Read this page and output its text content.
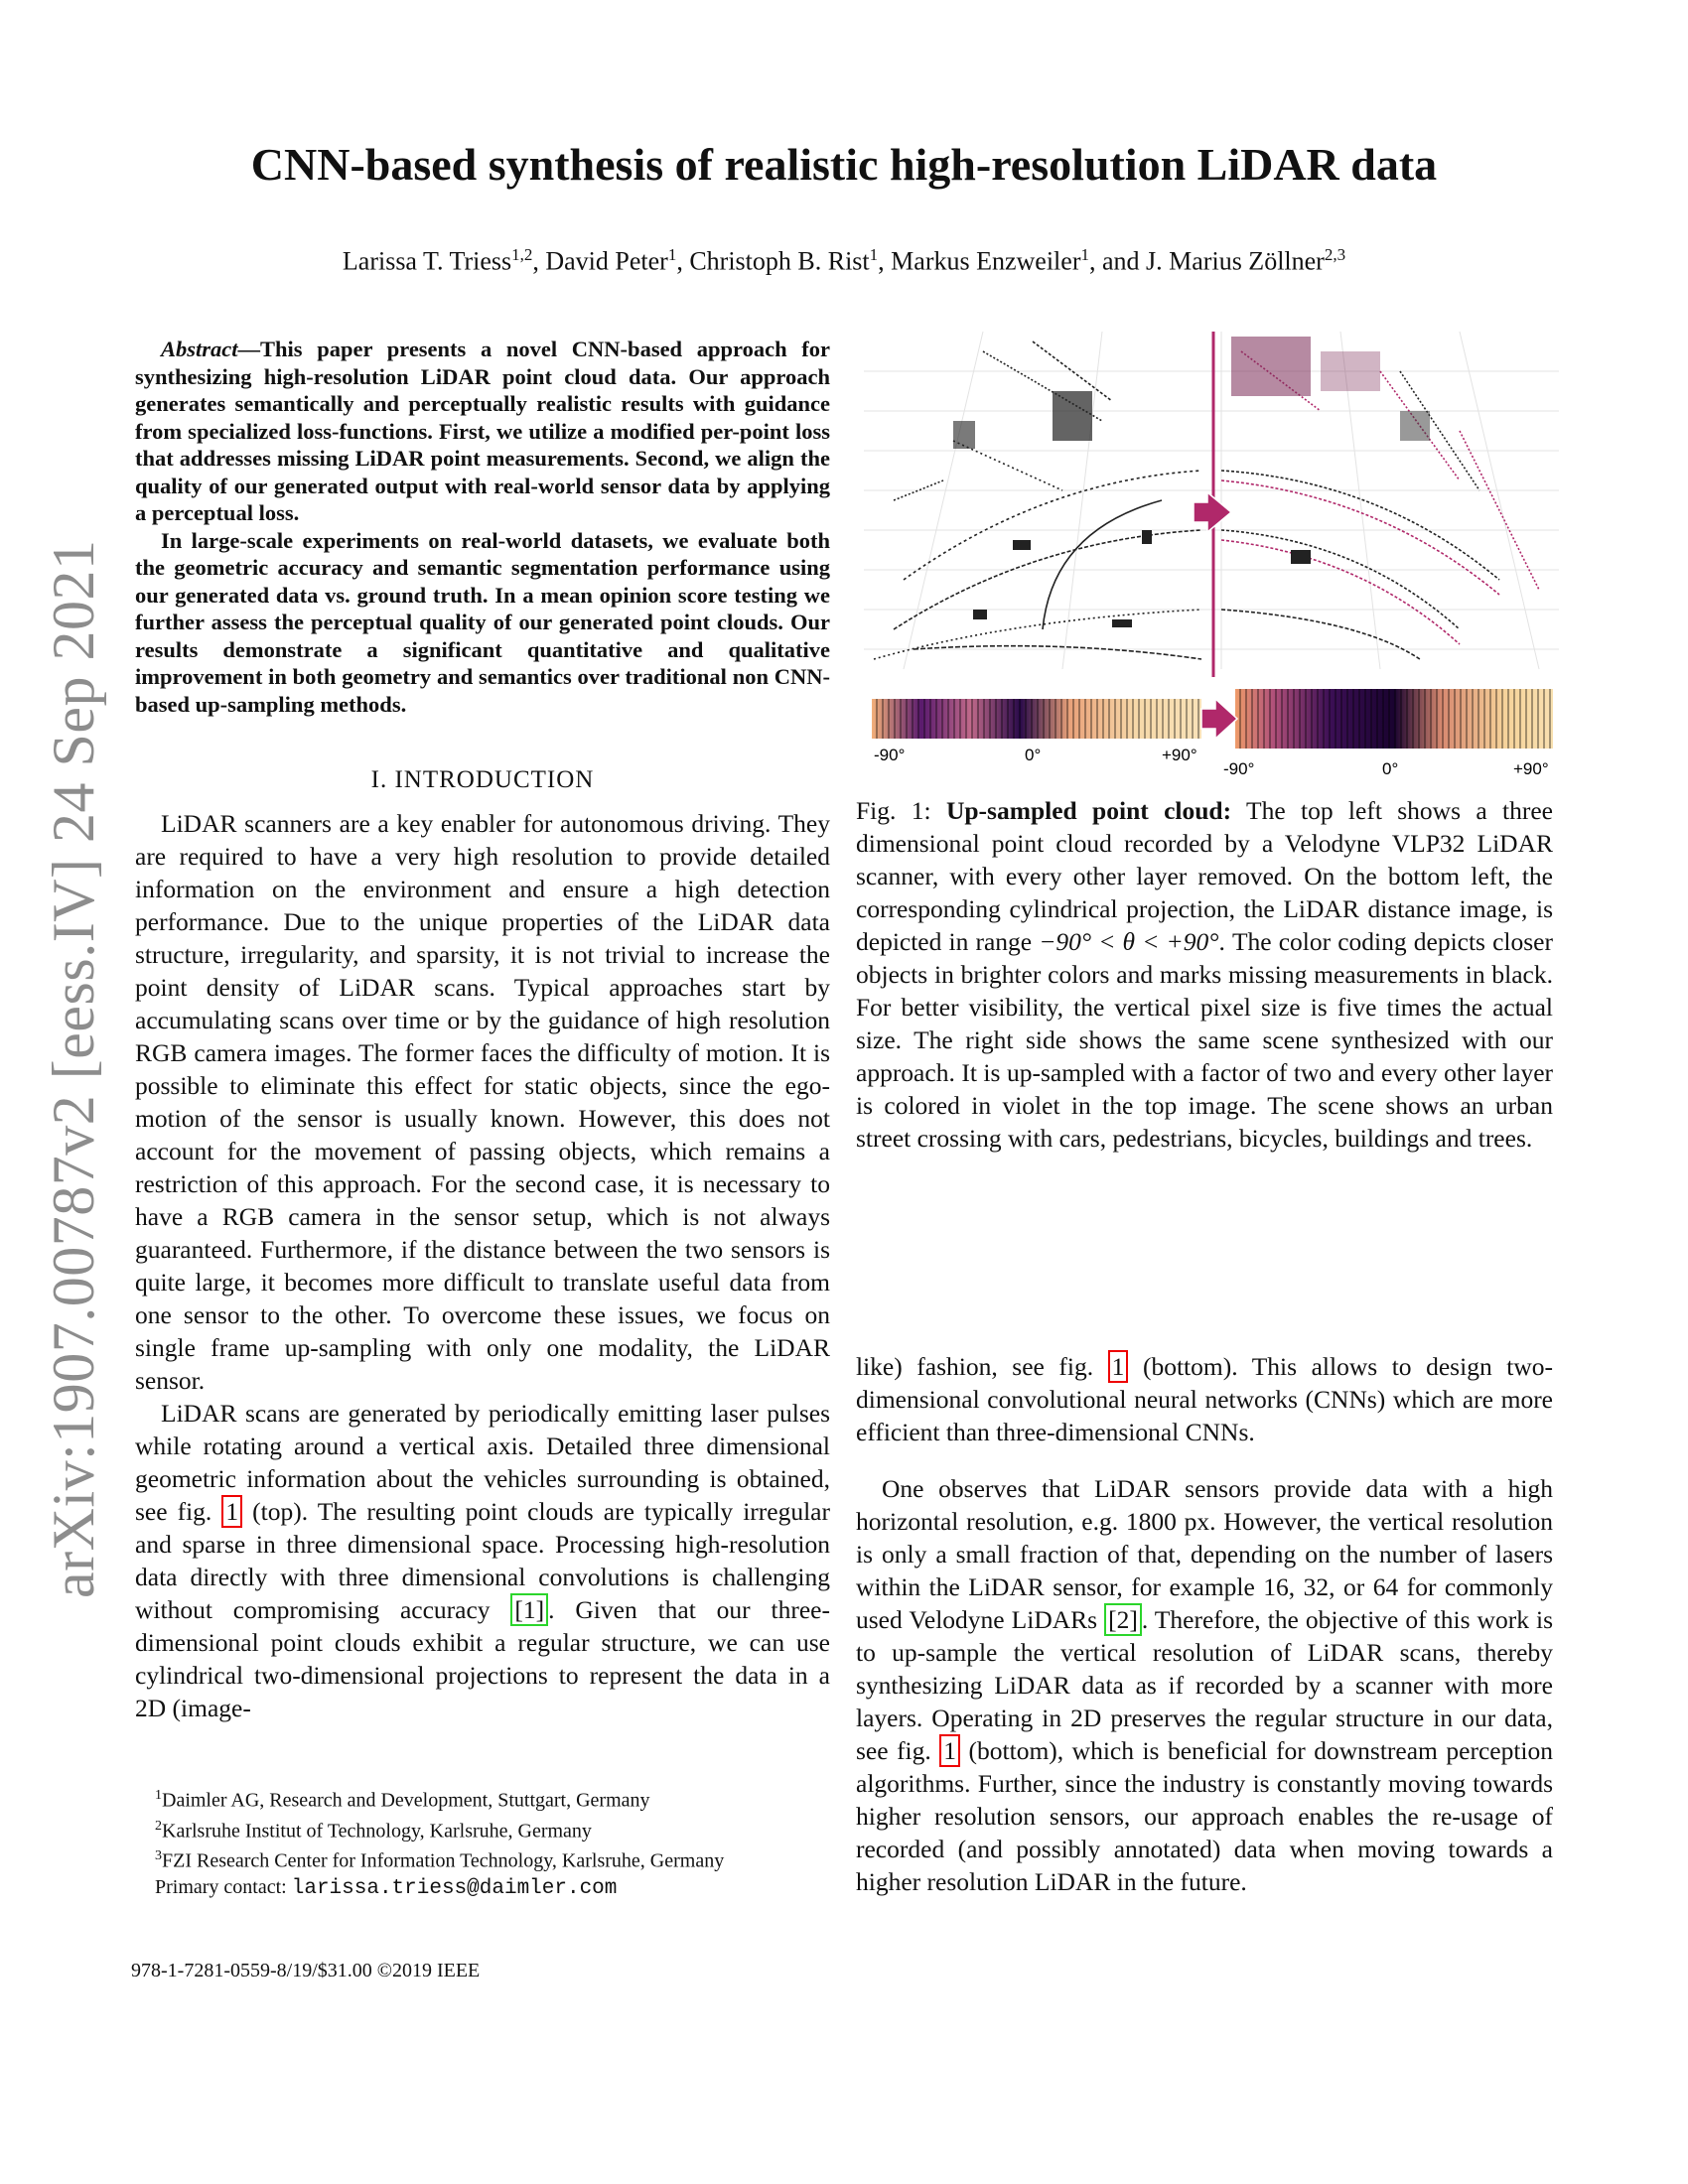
arXiv:1907.00787v2 [eess.IV] 24 Sep 2021
CNN-based synthesis of realistic high-resolution LiDAR data
Larissa T. Triess$^{1,2}$, David Peter$^1$, Christoph B. Rist$^1$, Markus Enzweiler$^1$, and J. Marius Zöllner$^{2,3}$

Abstract—This paper presents a novel CNN-based approach for synthesizing high-resolution LiDAR point cloud data. Our approach generates semantically and perceptually realistic results with guidance from specialized loss-functions. First, we utilize a modified per-point loss that addresses missing LiDAR point measurements. Second, we align the quality of our generated output with real-world sensor data by applying a perceptual loss.

In large-scale experiments on real-world datasets, we evaluate both the geometric accuracy and semantic segmentation performance using our generated data vs. ground truth. In a mean opinion score testing we further assess the perceptual quality of our generated point clouds. Our results demonstrate a significant quantitative and qualitative improvement in both geometry and semantics over traditional non CNN-based up-sampling methods.

I. INTRODUCTION

LiDAR scanners are a key enabler for autonomous driving. They are required to have a very high resolution to provide detailed information on the environment and ensure a high detection performance. Due to the unique properties of the LiDAR data structure, irregularity, and sparsity, it is not trivial to increase the point density of LiDAR scans. Typical approaches start by accumulating scans over time or by the guidance of high resolution RGB camera images. The former faces the difficulty of motion. It is possible to eliminate this effect for static objects, since the ego-motion of the sensor is usually known. However, this does not account for the movement of passing objects, which remains a restriction of this approach. For the second case, it is necessary to have a RGB camera in the sensor setup, which is not always guaranteed. Furthermore, if the distance between the two sensors is quite large, it becomes more difficult to translate useful data from one sensor to the other. To overcome these issues, we focus on single frame up-sampling with only one modality, the LiDAR sensor.

LiDAR scans are generated by periodically emitting laser pulses while rotating around a vertical axis. Detailed three dimensional geometric information about the vehicles surrounding is obtained, see fig. 1 (top). The resulting point clouds are typically irregular and sparse in three dimensional space. Processing high-resolution data directly with three dimensional convolutions is challenging without compromising accuracy [1] . Given that our three-dimensional point clouds exhibit a regular structure, we can use cylindrical two-dimensional projections to represent the data in a 2D (image-

$^1$Daimler AG, Research and Development, Stuttgart, Germany
$^2$Karlsruhe Institut of Technology, Karlsruhe, Germany
$^3$FZI Research Center for Information Technology, Karlsruhe, Germany
Primary contact: larissa.triess@daimler.com
978-1-7281-0559-8/19/$31.00 ©2019 IEEE
-90°	0°	+90°
-90°	0°	+90°
Fig. 1: Up-sampled point cloud: The top left shows a three dimensional point cloud recorded by a Velodyne VLP32 LiDAR scanner, with every other layer removed. On the bottom left, the corresponding cylindrical projection, the LiDAR distance image, is depicted in range −90° < θ < +90°. The color coding depicts closer objects in brighter colors and marks missing measurements in black. For better visibility, the vertical pixel size is five times the actual size. The right side shows the same scene synthesized with our approach. It is up-sampled with a factor of two and every other layer is colored in violet in the top image. The scene shows an urban street crossing with cars, pedestrians, bicycles, buildings and trees.

like) fashion, see fig. 1 (bottom). This allows to design two-dimensional convolutional neural networks (CNNs) which are more efficient than three-dimensional CNNs.

One observes that LiDAR sensors provide data with a high horizontal resolution, e.g. 1800 px. However, the vertical resolution is only a small fraction of that, depending on the number of lasers within the LiDAR sensor, for example 16, 32, or 64 for commonly used Velodyne LiDARs [2] . Therefore, the objective of this work is to up-sample the vertical resolution of LiDAR scans, thereby synthesizing LiDAR data as if recorded by a scanner with more layers. Operating in 2D preserves the regular structure in our data, see fig. 1 (bottom), which is beneficial for downstream perception algorithms. Further, since the industry is constantly moving towards higher resolution sensors, our approach enables the re-usage of recorded (and possibly annotated) data when moving towards a higher resolution LiDAR in the future.
